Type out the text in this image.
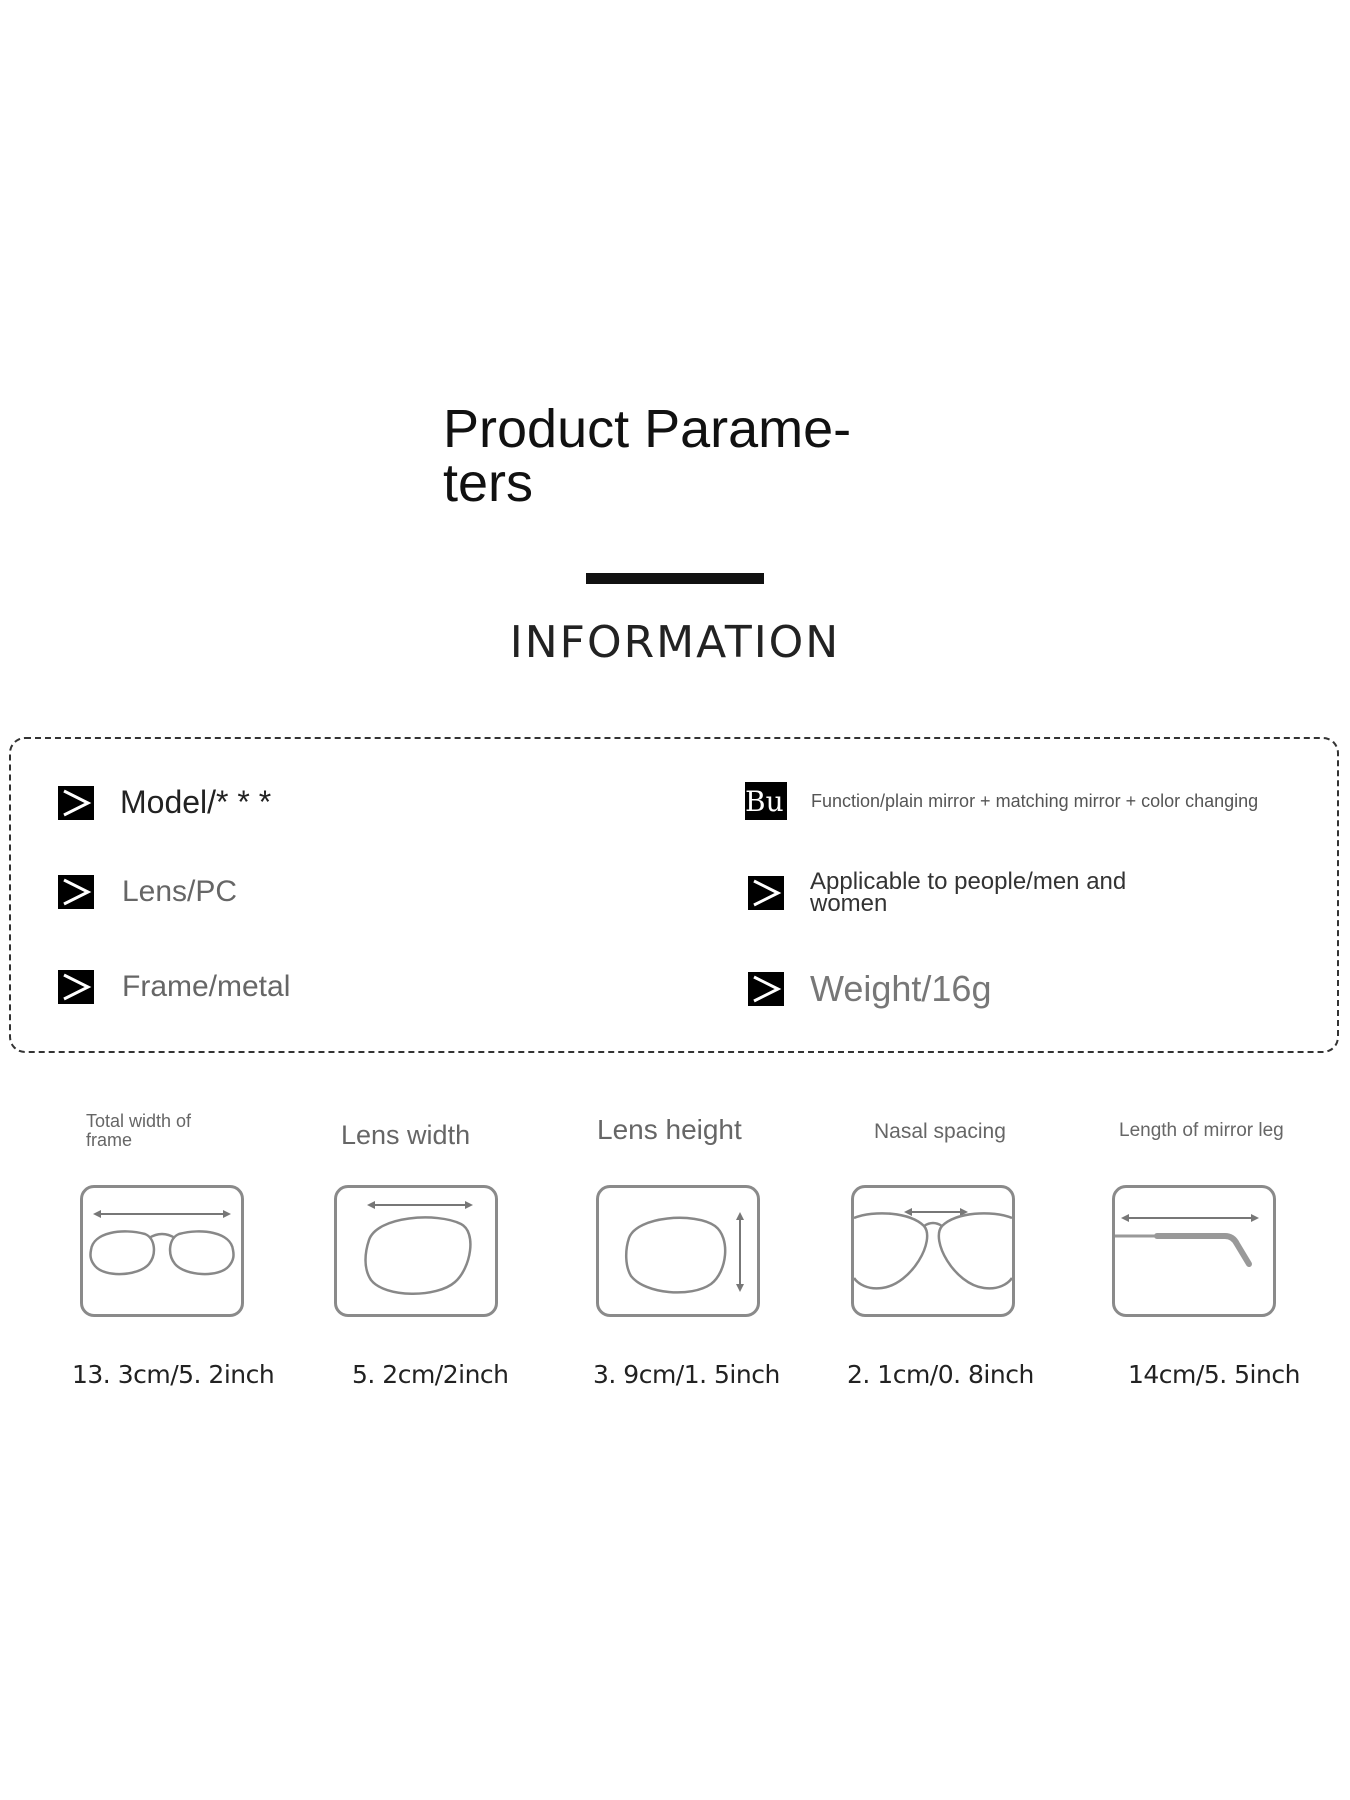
Product Parame-
ters
INFORMATION
Model/* * *
Lens/PC
Frame/metal
Bu Function/plain mirror + matching mirror + color changing
Applicable to people/men and women
Weight/16g
Total width of frame
13. 3cm/5. 2inch
Lens width
5. 2cm/2inch
Lens height
3. 9cm/1. 5inch
Nasal spacing
2. 1cm/0. 8inch
Length of mirror leg
14cm/5. 5inch
